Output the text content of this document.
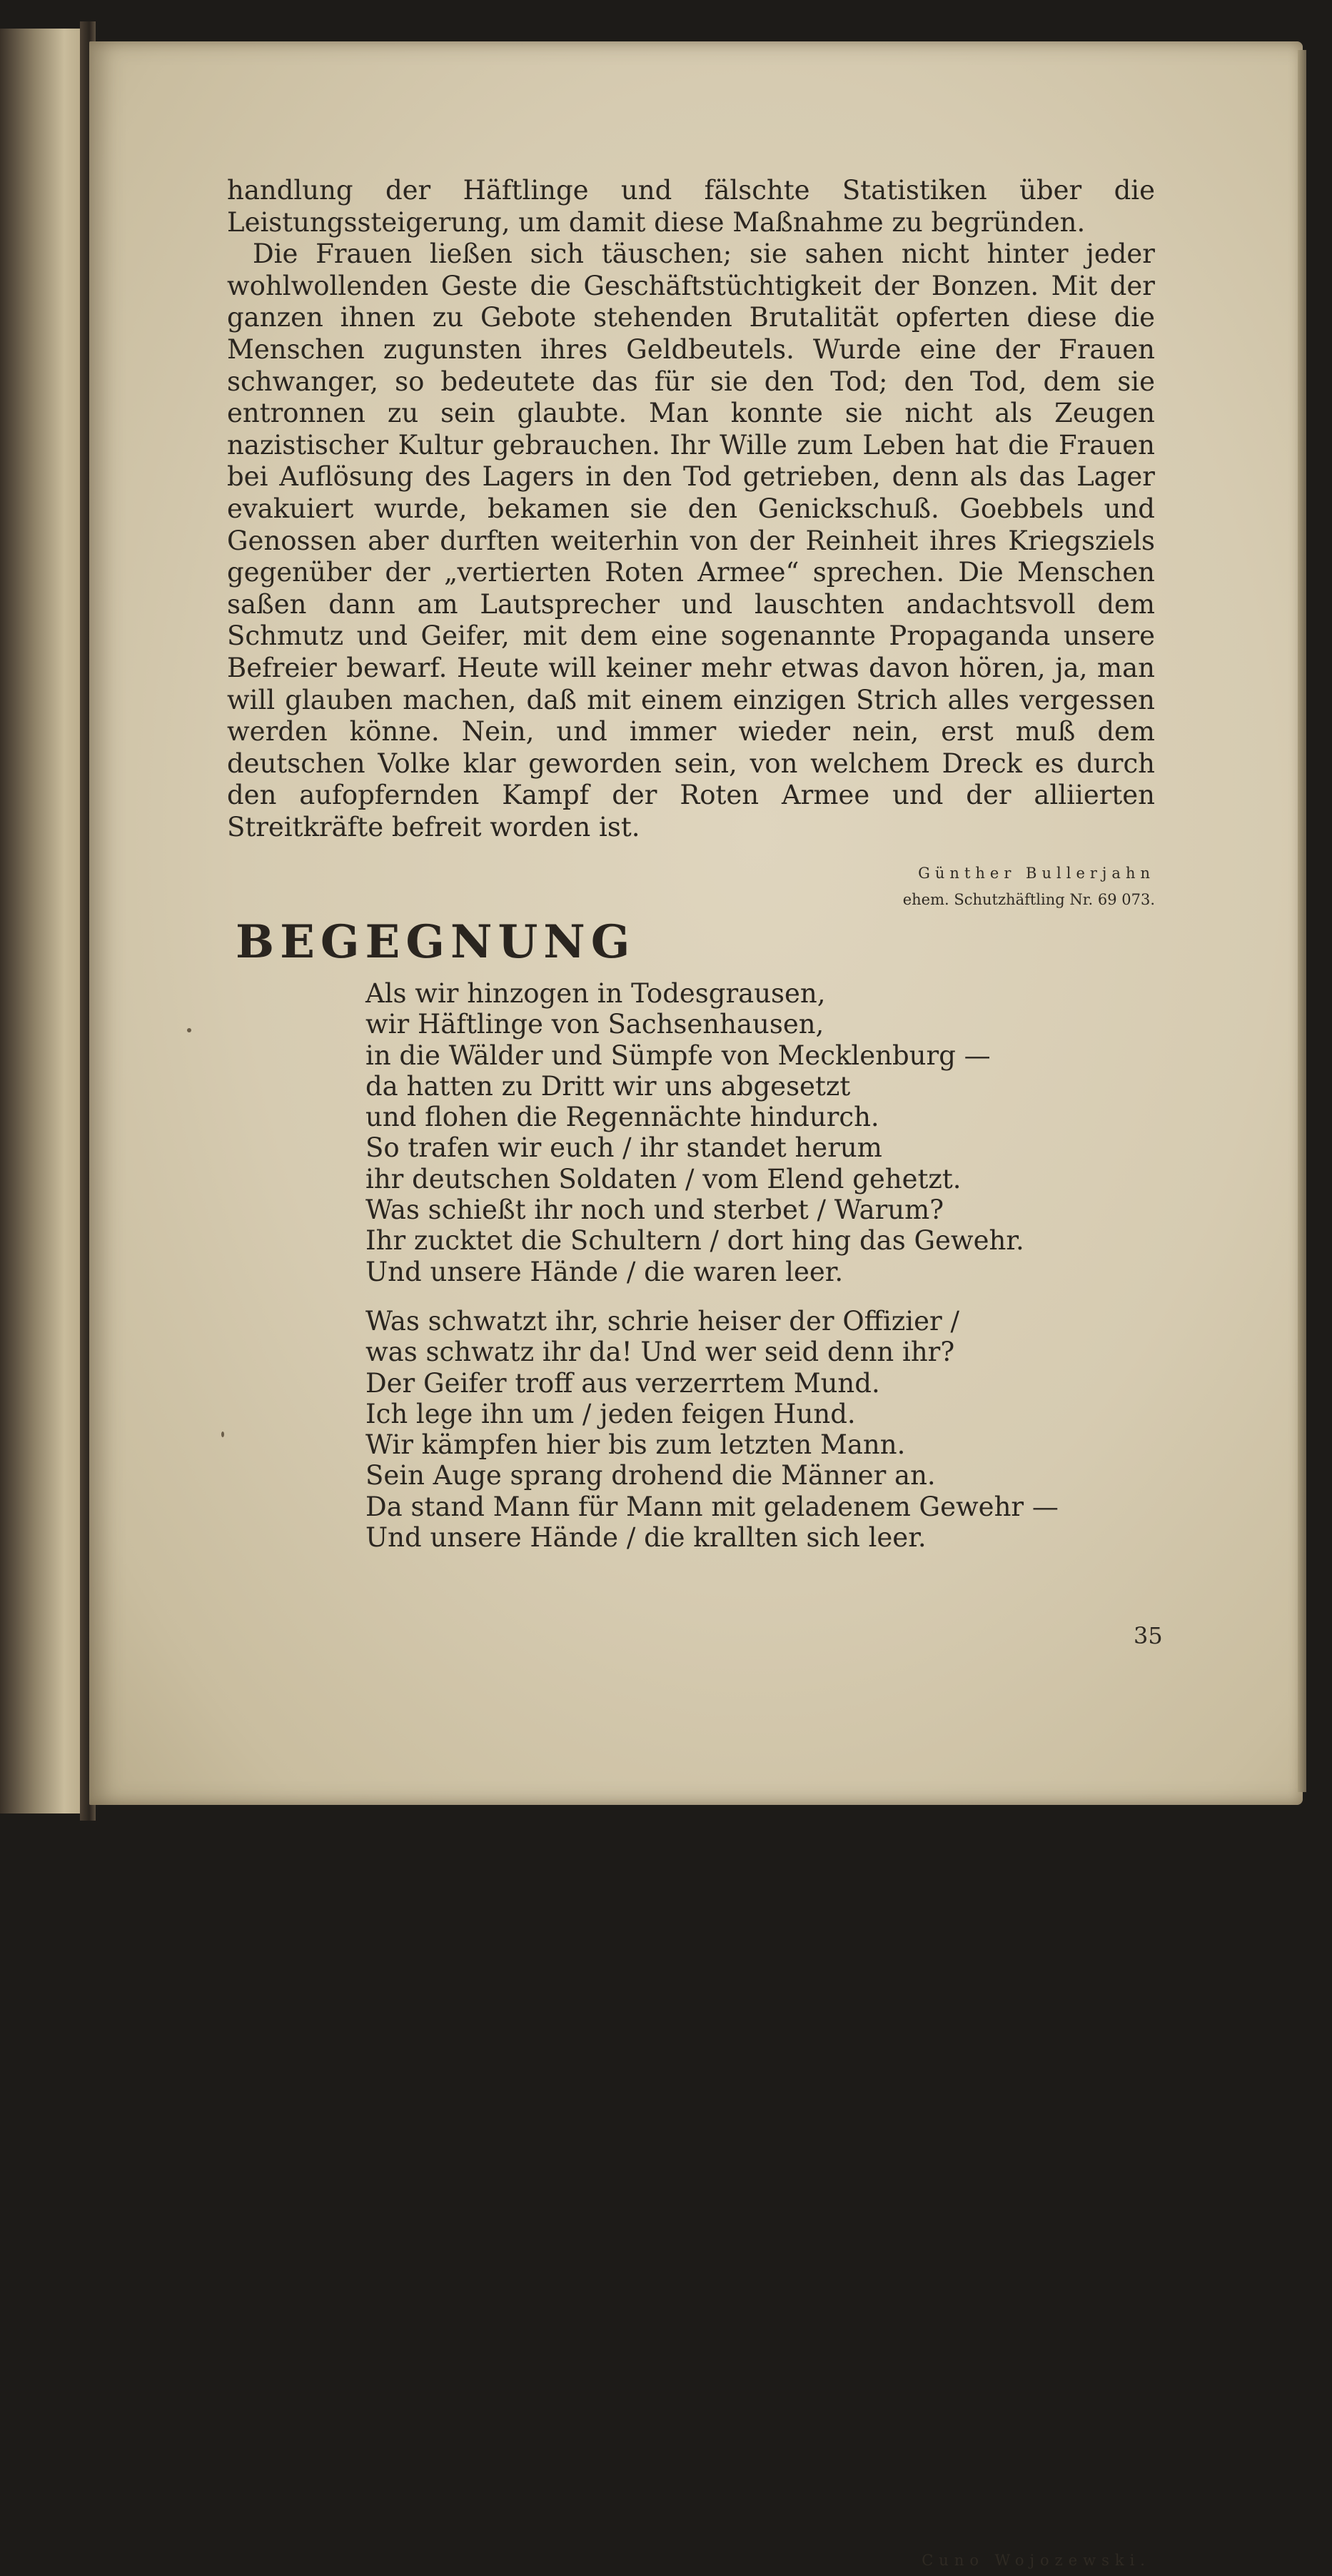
handlung der Häftlinge und fälschte Statistiken über die Leistungssteigerung, um damit diese Maßnahme zu begründen.

Die Frauen ließen sich täuschen; sie sahen nicht hinter jeder wohlwollenden Geste die Geschäftstüchtigkeit der Bonzen. Mit der ganzen ihnen zu Gebote stehenden Brutalität opferten diese die Menschen zugunsten ihres Geldbeutels. Wurde eine der Frauen schwanger, so bedeutete das für sie den Tod; den Tod, dem sie entronnen zu sein glaubte. Man konnte sie nicht als Zeugen nazistischer Kultur gebrauchen. Ihr Wille zum Leben hat die Frauen bei Auflösung des Lagers in den Tod getrieben, denn als das Lager evakuiert wurde, bekamen sie den Genickschuß. Goebbels und Genossen aber durften weiterhin von der Reinheit ihres Kriegsziels gegenüber der „vertierten Roten Armee“ sprechen. Die Menschen saßen dann am Lautsprecher und lauschten andachtsvoll dem Schmutz und Geifer, mit dem eine sogenannte Propaganda unsere Befreier bewarf. Heute will keiner mehr etwas davon hören, ja, man will glauben machen, daß mit einem einzigen Strich alles vergessen werden könne. Nein, und immer wieder nein, erst muß dem deutschen Volke klar geworden sein, von welchem Dreck es durch den aufopfernden Kampf der Roten Armee und der alliierten Streitkräfte befreit worden ist.

Günther Bullerjahn
ehem. Schutzhäftling Nr. 69 073.
BEGEGNUNG
Als wir hinzogen in Todesgrausen,
wir Häftlinge von Sachsenhausen,
in die Wälder und Sümpfe von Mecklenburg —
da hatten zu Dritt wir uns abgesetzt
und flohen die Regennächte hindurch.
So trafen wir euch / ihr standet herum
ihr deutschen Soldaten / vom Elend gehetzt.
Was schießt ihr noch und sterbet / Warum?
Ihr zucktet die Schultern / dort hing das Gewehr.
Und unsere Hände / die waren leer.
Was schwatzt ihr, schrie heiser der Offizier /
was schwatz ihr da! Und wer seid denn ihr?
Der Geifer troff aus verzerrtem Mund.
Ich lege ihn um / jeden feigen Hund.
Wir kämpfen hier bis zum letzten Mann.
Sein Auge sprang drohend die Männer an.
Da stand Mann für Mann mit geladenem Gewehr —
Und unsere Hände / die krallten sich leer.
Cuno Wojozewski.
35
